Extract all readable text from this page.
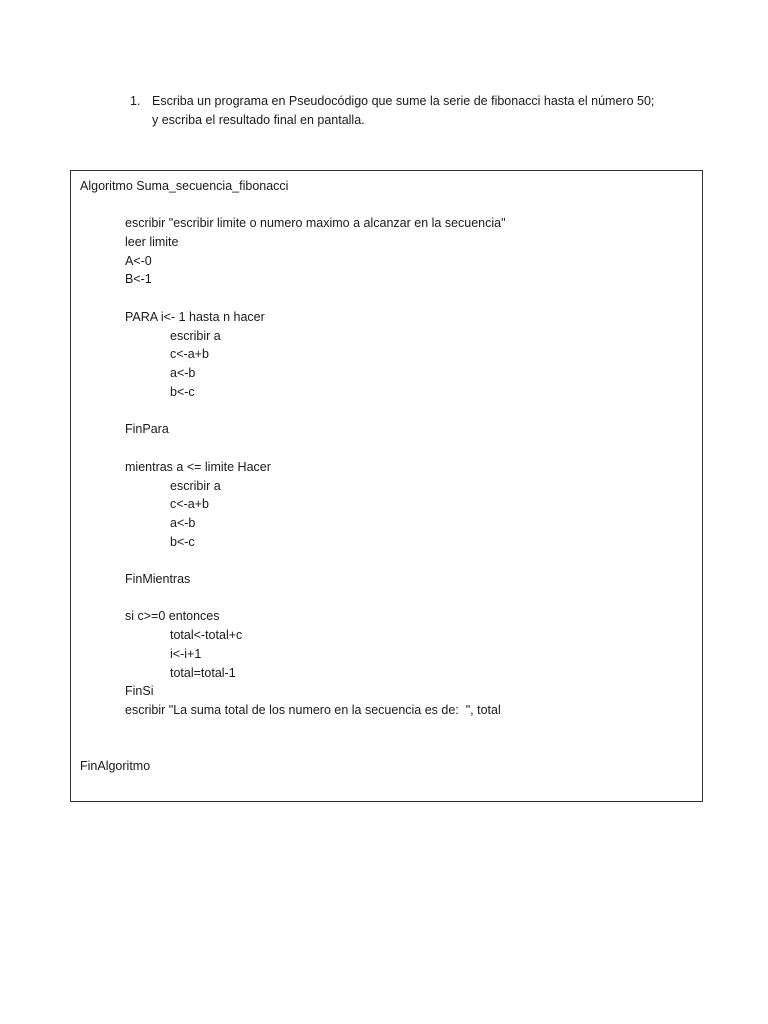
1. Escriba un programa en Pseudocódigo que sume la serie de fibonacci hasta el número 50;
y escriba el resultado final en pantalla.
Algoritmo Suma_secuencia_fibonacci
escribir "escribir limite o numero maximo a alcanzar en la secuencia"
leer limite
A<-0
B<-1
PARA i<- 1 hasta n hacer
escribir a
c<-a+b
a<-b
b<-c
FinPara
mientras a <= limite Hacer
escribir a
c<-a+b
a<-b
b<-c
FinMientras
si c>=0 entonces
total<-total+c
i<-i+1
total=total-1
FinSi
escribir "La suma total de los numero en la secuencia es de:  ", total
FinAlgoritmo
